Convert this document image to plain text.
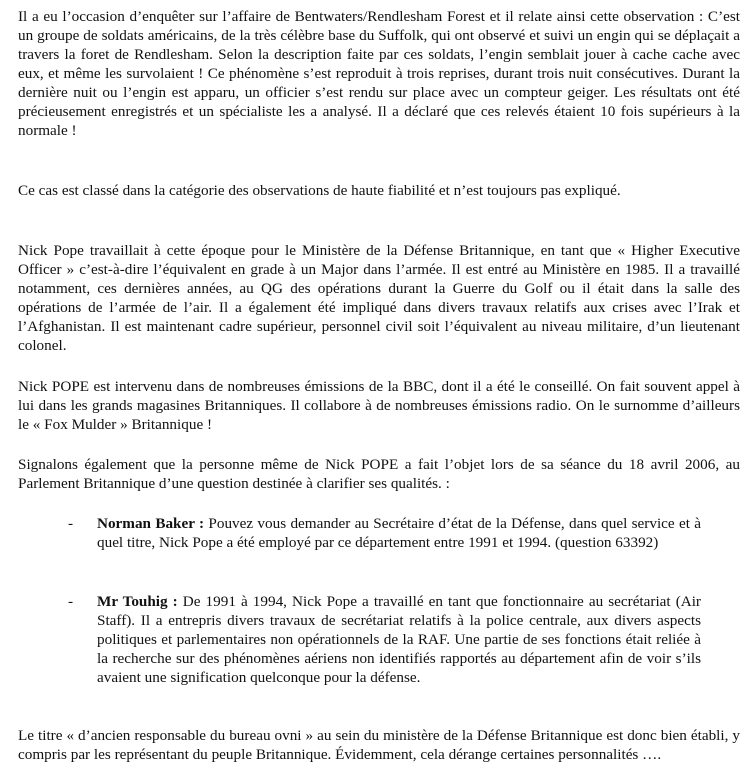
Il a eu l’occasion d’enquêter sur l’affaire de Bentwaters/Rendlesham Forest et il relate ainsi cette observation : C’est un groupe de soldats américains, de la très célèbre base du Suffolk, qui ont observé et suivi un engin qui se déplaçait a travers la foret de Rendlesham. Selon la description faite par ces soldats, l’engin semblait jouer à cache cache avec eux, et même les survolaient ! Ce phénomène s’est reproduit à trois reprises, durant trois nuit consécutives. Durant la dernière nuit ou l’engin est apparu, un officier s’est rendu sur place avec un compteur geiger. Les résultats ont été précieusement enregistrés et un spécialiste les a analysé. Il a déclaré que ces relevés étaient 10 fois supérieurs à la normale !

Ce cas est classé dans la catégorie des observations de haute fiabilité et n’est toujours pas expliqué.

Nick Pope travaillait à cette époque pour le Ministère de la Défense Britannique, en tant que « Higher Executive Officer » c’est-à-dire l’équivalent en grade à un Major dans l’armée. Il est entré au Ministère en 1985. Il a travaillé notamment, ces dernières années, au QG des opérations durant la Guerre du Golf ou il était dans la salle des opérations de l’armée de l’air. Il a également été impliqué dans divers travaux relatifs aux crises avec l’Irak et l’Afghanistan. Il est maintenant cadre supérieur, personnel civil soit l’équivalent au niveau militaire, d’un lieutenant colonel.

Nick POPE est intervenu dans de nombreuses émissions de la BBC, dont il a été le conseillé. On fait souvent appel à lui dans les grands magasines Britanniques. Il collabore à de nombreuses émissions radio. On le surnomme d’ailleurs le « Fox Mulder » Britannique !

Signalons également que la personne même de Nick POPE a fait l’objet lors de sa séance du 18 avril 2006, au Parlement Britannique d’une question destinée à clarifier ses qualités. :

- Norman Baker : Pouvez vous demander au Secrétaire d’état de la Défense, dans quel service et à quel titre, Nick Pope a été employé par ce département entre 1991 et 1994. (question 63392)

- Mr Touhig : De 1991 à 1994, Nick Pope a travaillé en tant que fonctionnaire au secrétariat (Air Staff). Il a entrepris divers travaux de secrétariat relatifs à la police centrale, aux divers aspects politiques et parlementaires non opérationnels de la RAF. Une partie de ses fonctions était reliée à la recherche sur des phénomènes aériens non identifiés rapportés au département afin de voir s’ils avaient une signification quelconque pour la défense.

Le titre « d’ancien responsable du bureau ovni » au sein du ministère de la Défense Britannique est donc bien établi, y compris par les représentant du peuple Britannique. Évidemment, cela dérange certaines personnalités ….
